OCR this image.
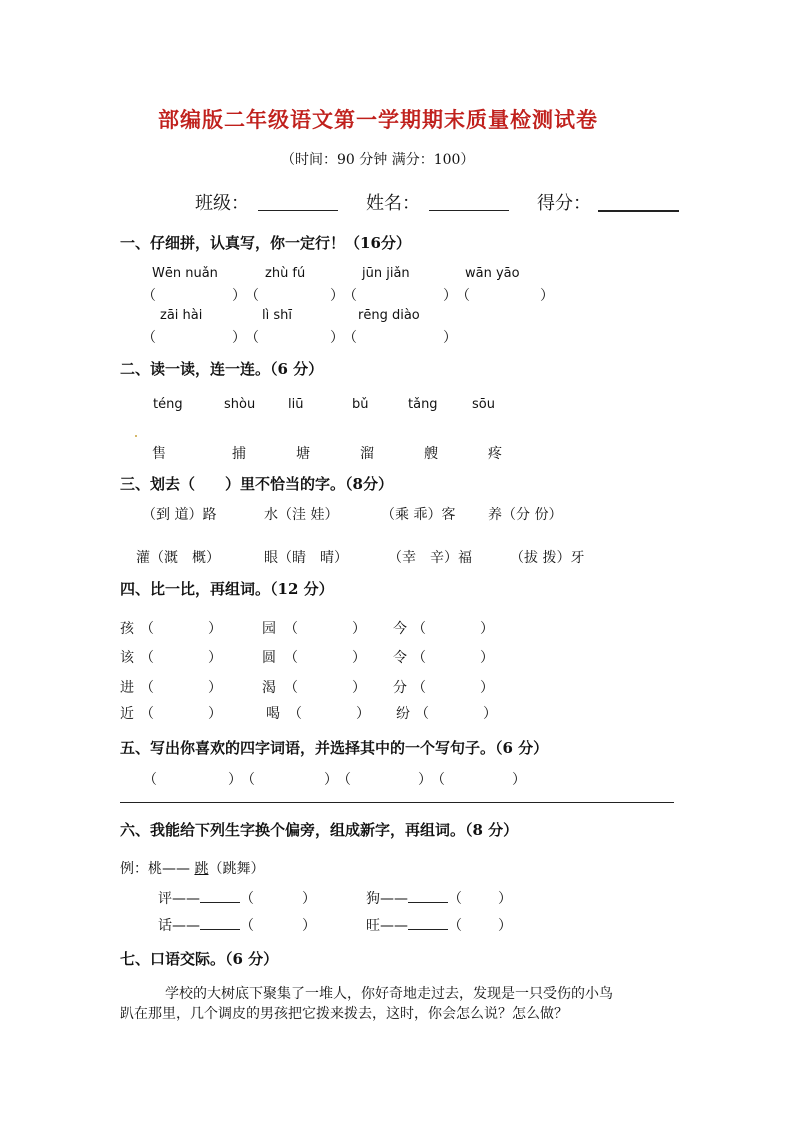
部编版二年级语文第一学期期末质量检测试卷
（时间：90 分钟 满分：100）
班级：	姓名：	得分：
一、仔细拼，认真写，你一定行！（16分）
Wēn nuǎn	zhù fú	jūn jiǎn	wān yāo
（	） （	） （	） （	）
zāi hài	lì shī	rēng diào
（	） （	） （	）
二、读一读，连一连。（6 分）
téng	shòu	liū	bǔ	tǎng	sōu
售	捕	塘	溜	艘	疼
三、划去（　　）里不恰当的字。（8分）
（到 道）路	水（洼 娃）	（乘 乖）客 养（分 份）
灌（溉　概）	眼（睛　晴）	（幸　辛）福	（拔 拨）牙
四、比一比，再组词。（12 分）
孩 （	）	园 （	） 今 （	）
该 （	）	圆 （	） 令 （	）
进 （	）	渴 （	） 分 （	）
近 （	）	喝 （	） 纷 （	）
五、写出你喜欢的四字词语，并选择其中的一个写句子。（6 分）
（	） （	） （	） （	）
六、我能给下列生字换个偏旁，组成新字，再组词。（8 分）
例：桃—— 跳（跳舞）
评——	（	）	狗——	（	）
话——	（	）	旺——	（	）
七、口语交际。（6 分）
学校的大树底下聚集了一堆人，你好奇地走过去，发现是一只受伤的小鸟
趴在那里，几个调皮的男孩把它拨来拨去，这时，你会怎么说？怎么做？
